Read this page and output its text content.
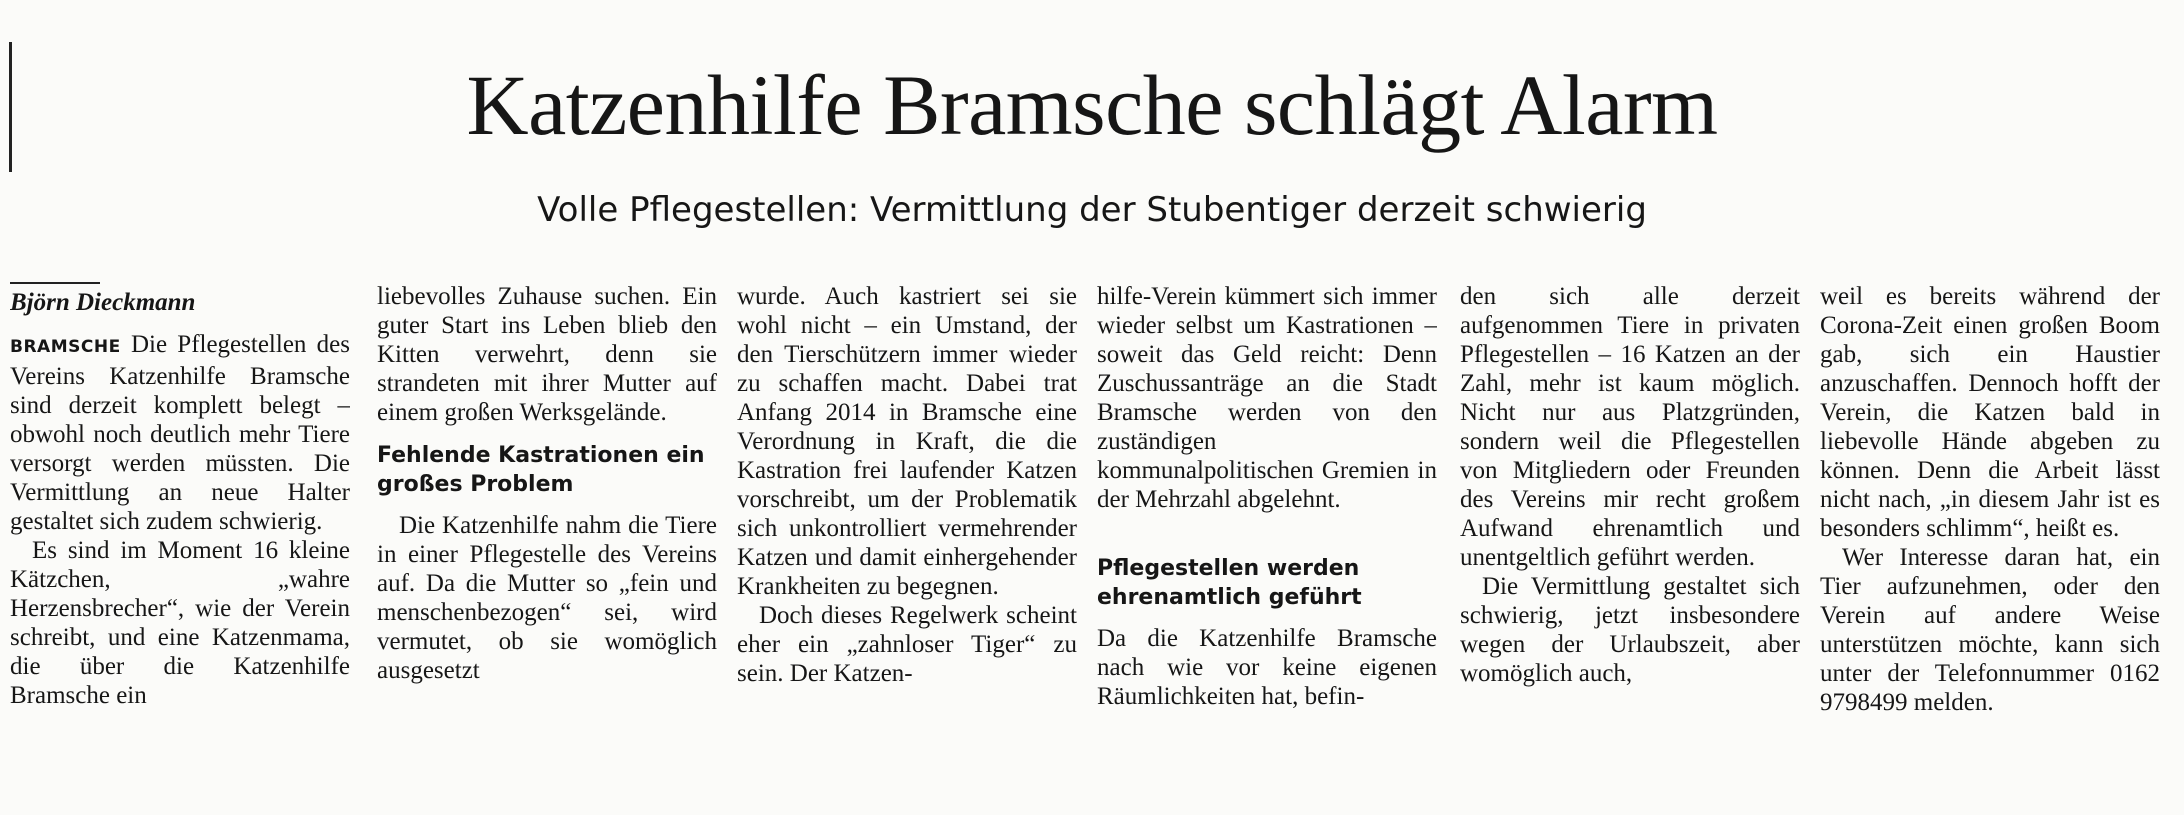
Katzenhilfe Bramsche schlägt Alarm
Volle Pflegestellen: Vermittlung der Stubentiger derzeit schwierig
Björn Dieckmann

BRAMSCHE Die Pflegestellen des Vereins Katzenhilfe Bramsche sind derzeit komplett belegt – obwohl noch deutlich mehr Tiere versorgt werden müssten. Die Vermittlung an neue Halter gestaltet sich zudem schwierig.

Es sind im Moment 16 kleine Kätzchen, „wahre Herzensbrecher“, wie der Verein schreibt, und eine Katzenmama, die über die Katzenhilfe Bramsche ein

liebevolles Zuhause suchen. Ein guter Start ins Leben blieb den Kitten verwehrt, denn sie strandeten mit ihrer Mutter auf einem großen Werksgelände.

Fehlende Kastrationen ein großes Problem

Die Katzenhilfe nahm die Tiere in einer Pflegestelle des Vereins auf. Da die Mutter so „fein und menschenbezogen“ sei, wird vermutet, ob sie womöglich ausgesetzt

wurde. Auch kastriert sei sie wohl nicht – ein Umstand, der den Tierschützern immer wieder zu schaffen macht. Dabei trat Anfang 2014 in Bramsche eine Verordnung in Kraft, die die Kastration frei laufender Katzen vorschreibt, um der Problematik sich unkontrolliert vermehrender Katzen und damit einhergehender Krankheiten zu begegnen.

Doch dieses Regelwerk scheint eher ein „zahnloser Tiger“ zu sein. Der Katzen-

hilfe-Verein kümmert sich immer wieder selbst um Kastrationen – soweit das Geld reicht: Denn Zuschussanträge an die Stadt Bramsche werden von den zuständigen kommunalpolitischen Gremien in der Mehrzahl abgelehnt.

Pflegestellen werden ehrenamtlich geführt

Da die Katzenhilfe Bramsche nach wie vor keine eigenen Räumlichkeiten hat, befin-

den sich alle derzeit aufgenommen Tiere in privaten Pflegestellen – 16 Katzen an der Zahl, mehr ist kaum möglich. Nicht nur aus Platzgründen, sondern weil die Pflegestellen von Mitgliedern oder Freunden des Vereins mir recht großem Aufwand ehrenamtlich und unentgeltlich geführt werden.

Die Vermittlung gestaltet sich schwierig, jetzt insbesondere wegen der Urlaubszeit, aber womöglich auch,

weil es bereits während der Corona-Zeit einen großen Boom gab, sich ein Haustier anzuschaffen. Dennoch hofft der Verein, die Katzen bald in liebevolle Hände abgeben zu können. Denn die Arbeit lässt nicht nach, „in diesem Jahr ist es besonders schlimm“, heißt es.

Wer Interesse daran hat, ein Tier aufzunehmen, oder den Verein auf andere Weise unterstützen möchte, kann sich unter der Telefonnummer 0162 9798499 melden.
